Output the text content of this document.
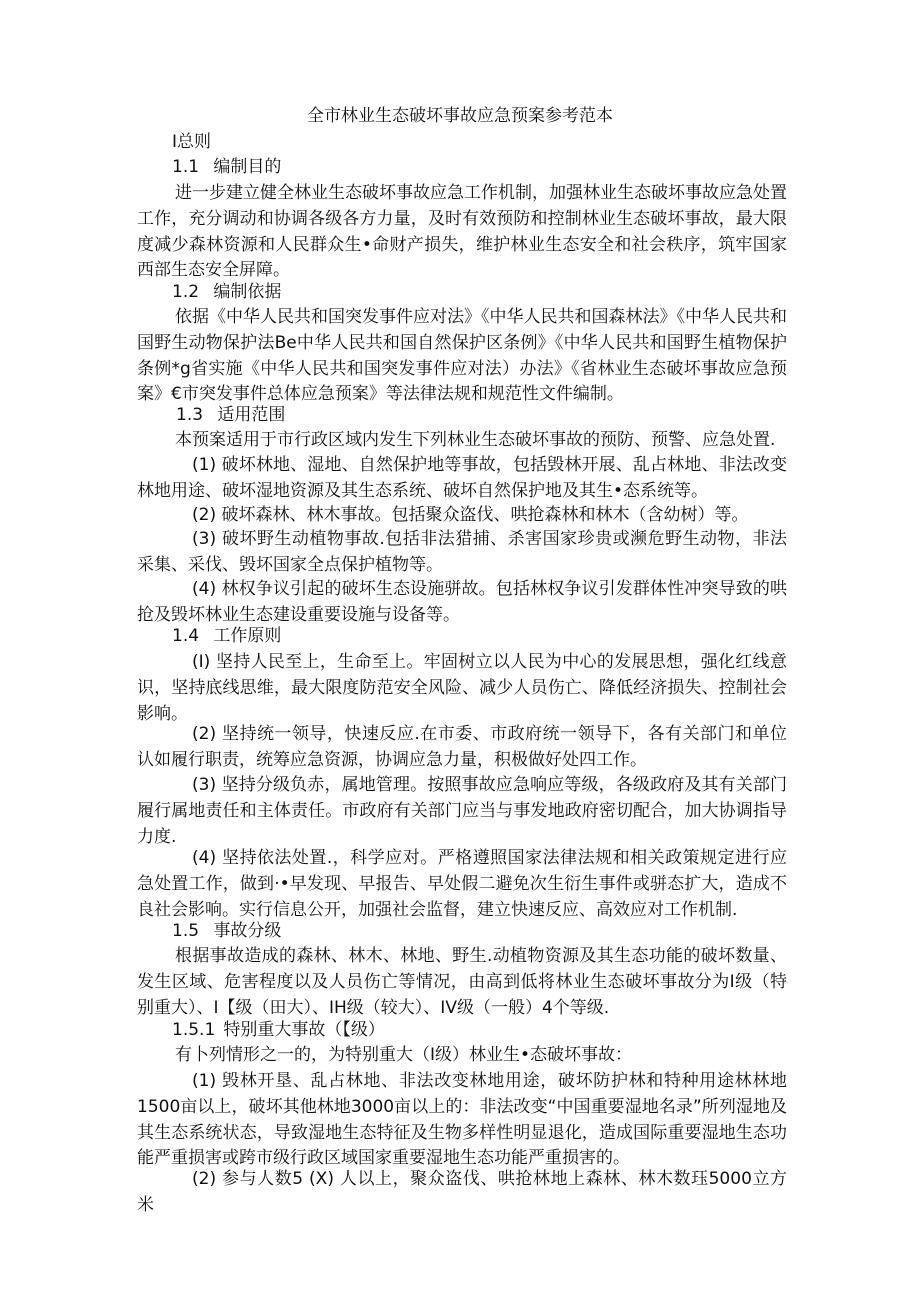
全市林业生态破坏事故应急预案参考范本
I总则
1.1 编制目的
进一步建立健全林业生态破坏事故应急工作机制，加强林业生态破坏事故应急处置工作，充分调动和协调各级各方力量，及时有效预防和控制林业生态破坏事故，最大限度减少森林资源和人民群众生•命财产损失，维护林业生态安全和社会秩序，筑牢国家西部生态安全屏障。
1.2 编制依据
依据《中华人民共和国突发事件应对法》《中华人民共和国森林法》《中华人民共和国野生动物保护法Be中华人民共和国自然保护区条例》《中华人民共和国野生植物保护条例*g省实施《中华人民共和国突发事件应对法）办法》《省林业生态破坏事故应急预案》€市突发事件总体应急预案》等法律法规和规范性文件编制。
1.3 适用范围
本预案适用于市行政区域内发生下列林业生态破坏事故的预防、预警、应急处置.
(1) 破坏林地、湿地、自然保护地等事故，包括毁林开展、乱占林地、非法改变林地用途、破坏湿地资源及其生态系统、破坏自然保护地及其生•态系统等。
(2) 破坏森林、林木事故。包括聚众盗伐、哄抢森林和林木（含幼树）等。
(3) 破坏野生动植物事故.包括非法猎捕、杀害国家珍贵或濒危野生动物，非法采集、采伐、毁坏国家全点保护植物等。
(4) 林权争议引起的破坏生态设施骈故。包括林权争议引发群体性冲突导致的哄抢及毁坏林业生态建设重要设施与设备等。
1.4 工作原则
(I) 坚持人民至上，生命至上。牢固树立以人民为中心的发展思想，强化红线意识，坚持底线思维，最大限度防范安全风险、减少人员伤亡、降低经济损失、控制社会影响。
(2) 坚持统一领导，快速反应.在市委、市政府统一领导下，各有关部门和单位认如履行职责，统筹应急资源，协调应急力量，积极做好处四工作。
(3) 坚持分级负赤，属地管理。按照事故应急响应等级，各级政府及其有关部门履行属地责任和主体责任。市政府有关部门应当与事发地政府密切配合，加大协调指导力度.
(4) 坚持依法处置.，科学应对。严格遵照国家法律法规和相关政策规定进行应急处置工作，做到·•早发现、早报告、早处假二避免次生衍生事件或骈态扩大，造成不良社会影响。实行信息公开，加强社会监督，建立快速反应、高效应对工作机制.
1.5 事故分级
根据事故造成的森林、林木、林地、野生.动植物资源及其生态功能的破坏数量、发生区域、危害程度以及人员伤亡等情况，由高到低将林业生态破坏事故分为I级（特别重大）、I【级（田大）、IH级（较大）、IV级（一般）4个等级.
1.5.1 特别重大事故（【级）
有卜列情形之一的，为特别重大（I级）林业生•态破坏事故：
(1) 毁林开垦、乱占林地、非法改变林地用途，破坏防护林和特种用途林林地1500亩以上，破坏其他林地3000亩以上的：非法改变“中国重要湿地名录”所列湿地及其生态系统状态，导致湿地生态特征及生物多样性明显退化，造成国际重要湿地生态功能严重损害或跨市级行政区域国家重要湿地生态功能严重损害的。
(2) 参与人数5 (X) 人以上，聚众盗伐、哄抢林地上森林、林木数珏5000立方米
